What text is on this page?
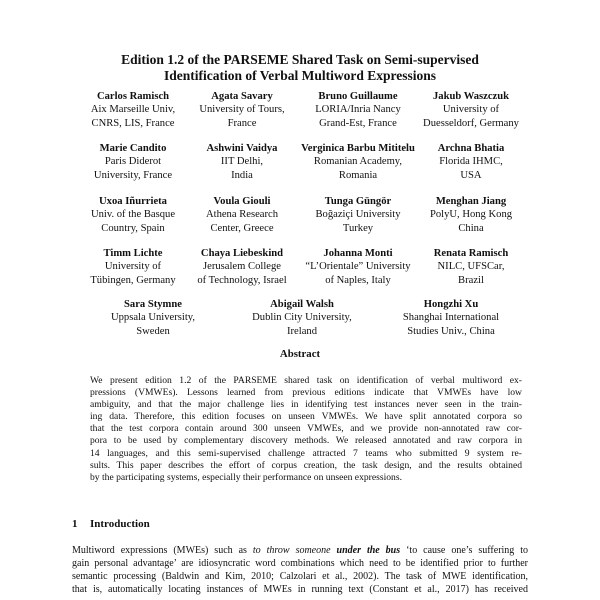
Edition 1.2 of the PARSEME Shared Task on Semi-supervised
Identification of Verbal Multiword Expressions
Carlos Ramisch
Aix Marseille Univ,
CNRS, LIS, France
Agata Savary
University of Tours,
France
Bruno Guillaume
LORIA/Inria Nancy
Grand-Est, France
Jakub Waszczuk
University of
Duesseldorf, Germany
Marie Candito
Paris Diderot
University, France
Ashwini Vaidya
IIT Delhi,
India
Verginica Barbu Mititelu
Romanian Academy,
Romania
Archna Bhatia
Florida IHMC,
USA
Uxoa Iñurrieta
Univ. of the Basque
Country, Spain
Voula Giouli
Athena Research
Center, Greece
Tunga Güngör
Boğaziçi University
Turkey
Menghan Jiang
PolyU, Hong Kong
China
Timm Lichte
University of
Tübingen, Germany
Chaya Liebeskind
Jerusalem College
of Technology, Israel
Johanna Monti
“L’Orientale” University
of Naples, Italy
Renata Ramisch
NILC, UFSCar,
Brazil
Sara Stymne
Uppsala University,
Sweden
Abigail Walsh
Dublin City University,
Ireland
Hongzhi Xu
Shanghai International
Studies Univ., China
Abstract
We present edition 1.2 of the PARSEME shared task on identification of verbal multiword ex-
pressions (VMWEs). Lessons learned from previous editions indicate that VMWEs have low
ambiguity, and that the major challenge lies in identifying test instances never seen in the train-
ing data. Therefore, this edition focuses on unseen VMWEs. We have split annotated corpora so
that the test corpora contain around 300 unseen VMWEs, and we provide non-annotated raw cor-
pora to be used by complementary discovery methods. We released annotated and raw corpora in
14 languages, and this semi-supervised challenge attracted 7 teams who submitted 9 system re-
sults. This paper describes the effort of corpus creation, the task design, and the results obtained
by the participating systems, especially their performance on unseen expressions.
1 Introduction
Multiword expressions (MWEs) such as to throw someone under the bus ‘to cause one’s suffering to
gain personal advantage’ are idiosyncratic word combinations which need to be identified prior to further
semantic processing (Baldwin and Kim, 2010; Calzolari et al., 2002). The task of MWE identification,
that is, automatically locating instances of MWEs in running text (Constant et al., 2017) has received
